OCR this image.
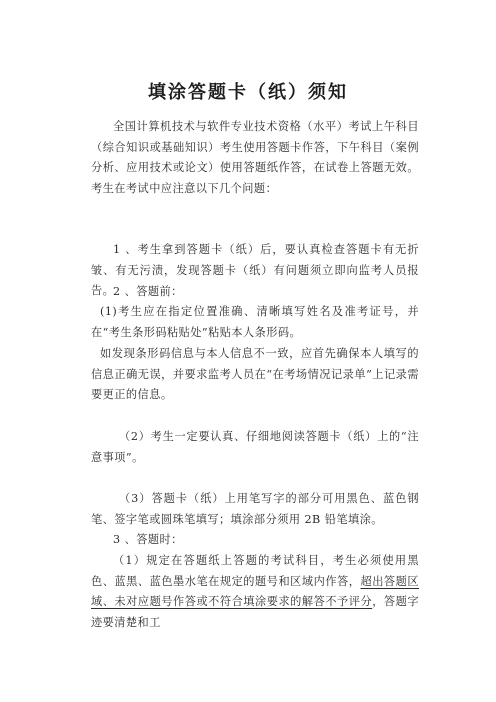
填涂答题卡（纸）须知

全国计算机技术与软件专业技术资格（水平）考试上午科目（综合知识或基础知识）考生使用答题卡作答，下午科目（案例分析、应用技术或论文）使用答题纸作答，在试卷上答题无效。考生在考试中应注意以下几个问题：

1 、考生拿到答题卡（纸）后，要认真检查答题卡有无折皱、有无污渍，发现答题卡（纸）有问题须立即向监考人员报告。

2 、答题前：

(1)考生应在指定位置准确、清晰填写姓名及准考证号，并在“考生条形码粘贴处”粘贴本人条形码。

如发现条形码信息与本人信息不一致，应首先确保本人填写的信息正确无误，并要求监考人员在“在考场情况记录单”上记录需要更正的信息。

（2）考生一定要认真、仔细地阅读答题卡（纸）上的“注意事项”。

（3）答题卡（纸）上用笔写字的部分可用黑色、蓝色钢笔、签字笔或圆珠笔填写；填涂部分须用 2B 铅笔填涂。

3 、答题时：

（1）规定在答题纸上答题的考试科目，考生必须使用黑色、蓝黑、蓝色墨水笔在规定的题号和区域内作答，超出答题区域、未对应题号作答或不符合填涂要求的解答不予评分，答题字迹要清楚和工
